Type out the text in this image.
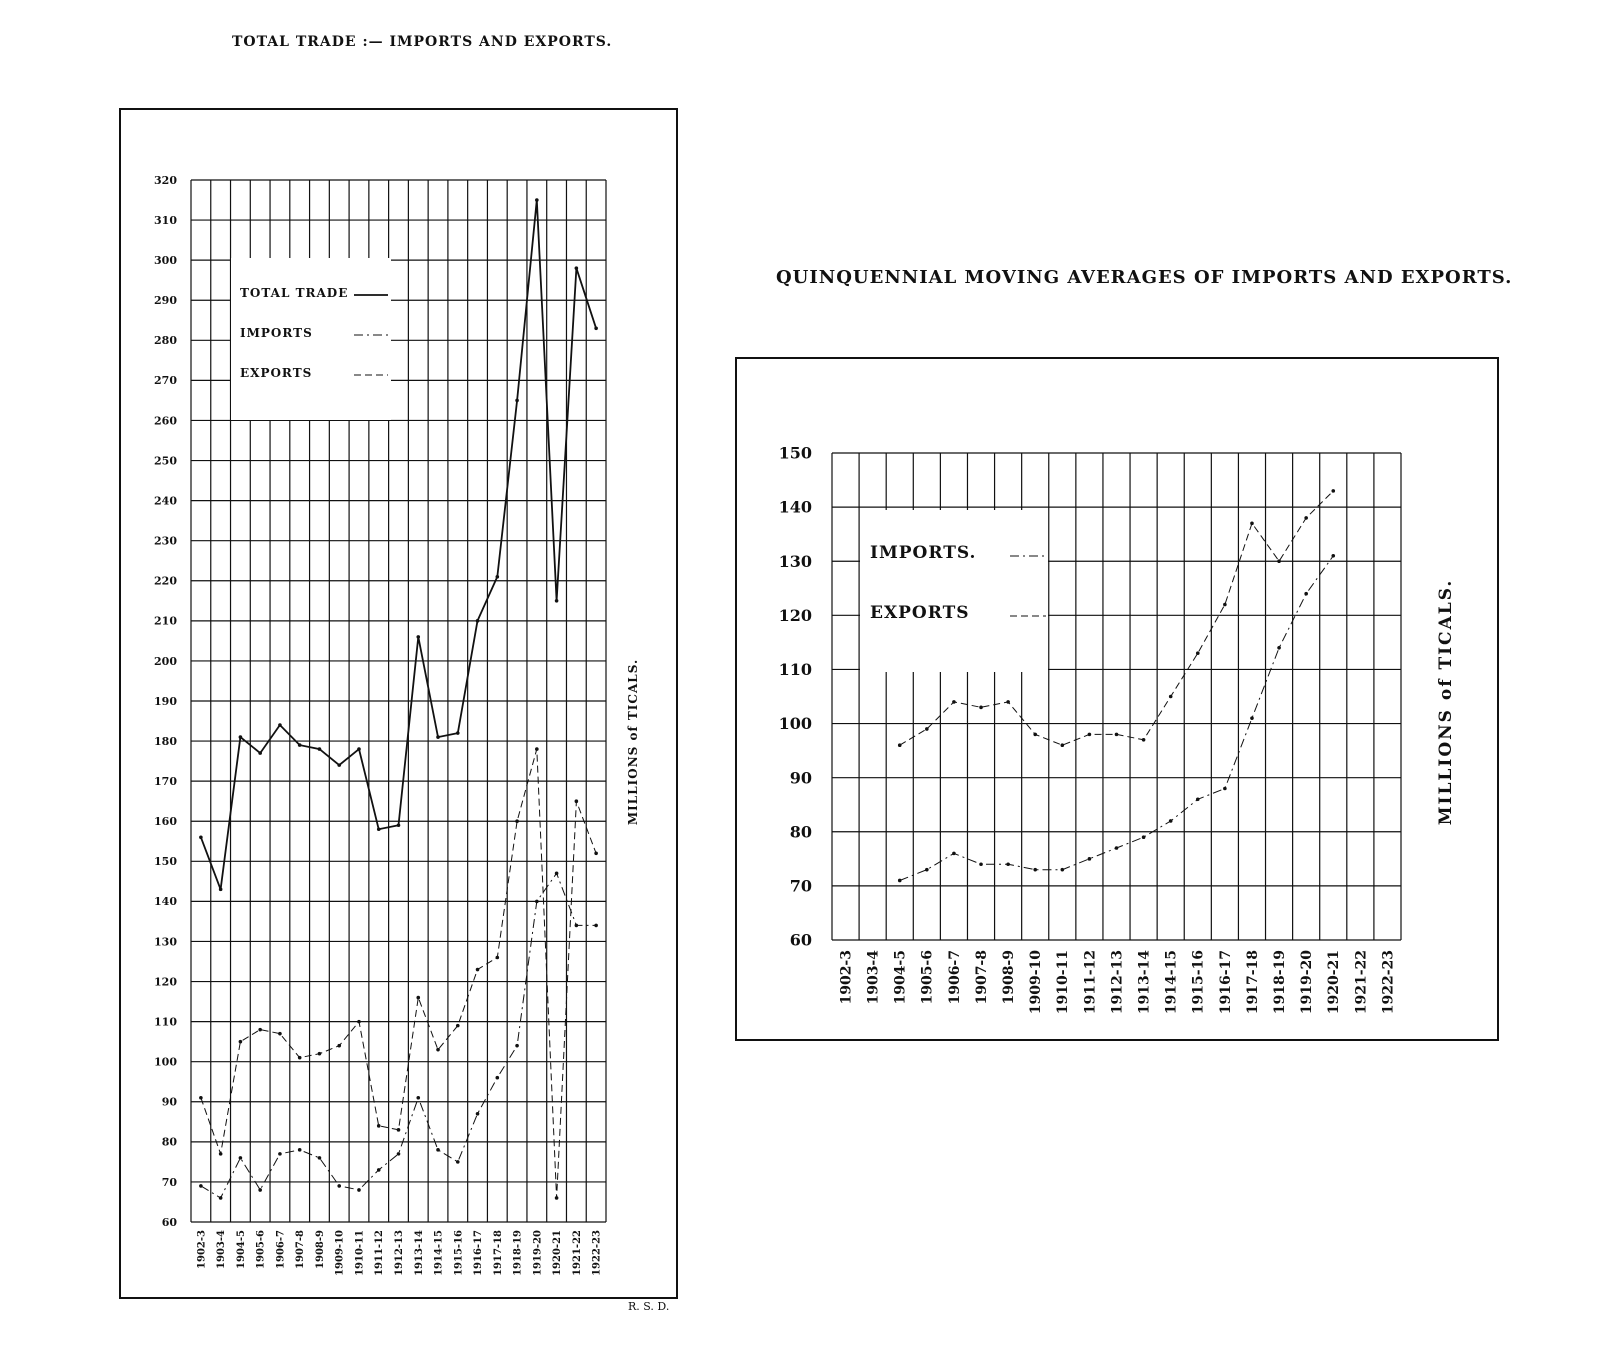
TOTAL TRADE :— IMPORTS AND EXPORTS.
QUINQUENNIAL MOVING AVERAGES OF IMPORTS AND EXPORTS.
R. S. D.
60
70
80
90
100
110
120
130
140
150
160
170
180
190
200
210
220
230
240
250
260
270
280
290
300
310
320
1902-3 1903-4 1904-5 1905-6 1906-7 1907-8 1908-9 1909-10 1910-11 1911-12 1912-13 1913-14 1914-15 1915-16 1916-17 1917-18 1918-19 1919-20 1920-21 1921-22 1922-23
TOTAL TRADE
IMPORTS
EXPORTS
MILLIONS of TICALS.
60
70
80
90
100
110
120
130
140
150
1902-3 1903-4 1904-5 1905-6 1906-7 1907-8 1908-9 1909-10 1910-11 1911-12 1912-13 1913-14 1914-15 1915-16 1916-17 1917-18 1918-19 1919-20 1920-21 1921-22 1922-23
IMPORTS.
EXPORTS	MILLIONS of TICALS.
